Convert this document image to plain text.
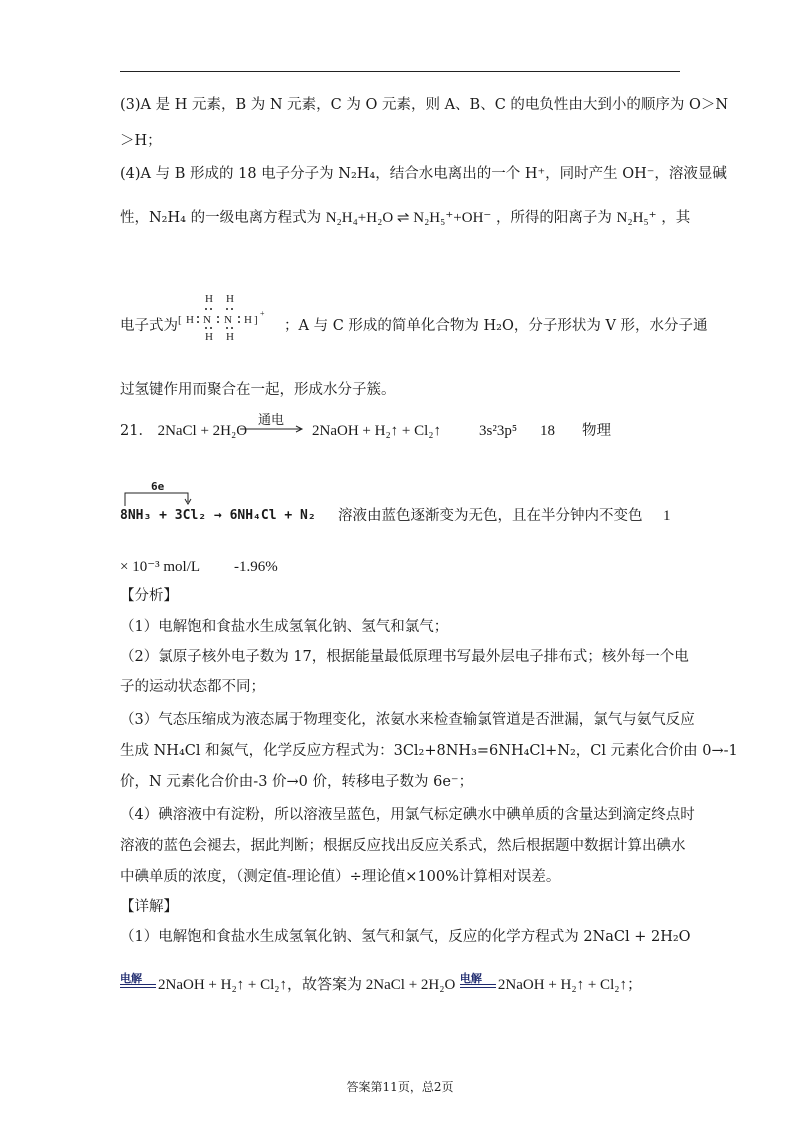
(3)A 是 H 元素，B 为 N 元素，C 为 O 元素，则 A、B、C 的电负性由大到小的顺序为 O＞N
＞H；
(4)A 与 B 形成的 18 电子分子为 N₂H₄，结合水电离出的一个 H⁺，同时产生 OH⁻，溶液显碱
性，N₂H₄ 的一级电离方程式为 N₂H₄+H₂O ⇌ N₂H₅⁺+OH⁻ ，所得的阳离子为 N₂H₅⁺ ，其
电子式为 [ H N
H
H
N
H
H
H ]
+
；A 与 C 形成的简单化合物为 H₂O，分子形状为 V 形，水分子通
过氢键作用而聚合在一起，形成水分子簇。
21． 2NaCl + 2H₂O
通电
2NaOH + H₂↑ + Cl₂↑	3s²3p⁵ 18 物理
6e
8NH₃ + 3Cl₂ → 6NH₄Cl + N₂ 溶液由蓝色逐渐变为无色，且在半分钟内不变色 1
× 10⁻³ mol/L -1.96%
【分析】
（1）电解饱和食盐水生成氢氧化钠、氢气和氯气；
（2）氯原子核外电子数为 17，根据能量最低原理书写最外层电子排布式；核外每一个电
子的运动状态都不同；
（3）气态压缩成为液态属于物理变化，浓氨水来检查输氯管道是否泄漏，氯气与氨气反应
生成 NH₄Cl 和氮气，化学反应方程式为：3Cl₂+8NH₃=6NH₄Cl+N₂，Cl 元素化合价由 0→-1
价，N 元素化合价由-3 价→0 价，转移电子数为 6e⁻；
（4）碘溶液中有淀粉，所以溶液呈蓝色，用氯气标定碘水中碘单质的含量达到滴定终点时
溶液的蓝色会褪去，据此判断；根据反应找出反应关系式，然后根据题中数据计算出碘水
中碘单质的浓度，（测定值-理论值）÷理论值×100%计算相对误差。
【详解】
（1）电解饱和食盐水生成氢氧化钠、氢气和氯气，反应的化学方程式为 2NaCl + 2H₂O
电解 2NaOH + H₂↑ + Cl₂↑，故答案为 2NaCl + 2H₂O 电解 2NaOH + H₂↑ + Cl₂↑；
答案第11页，总2页
